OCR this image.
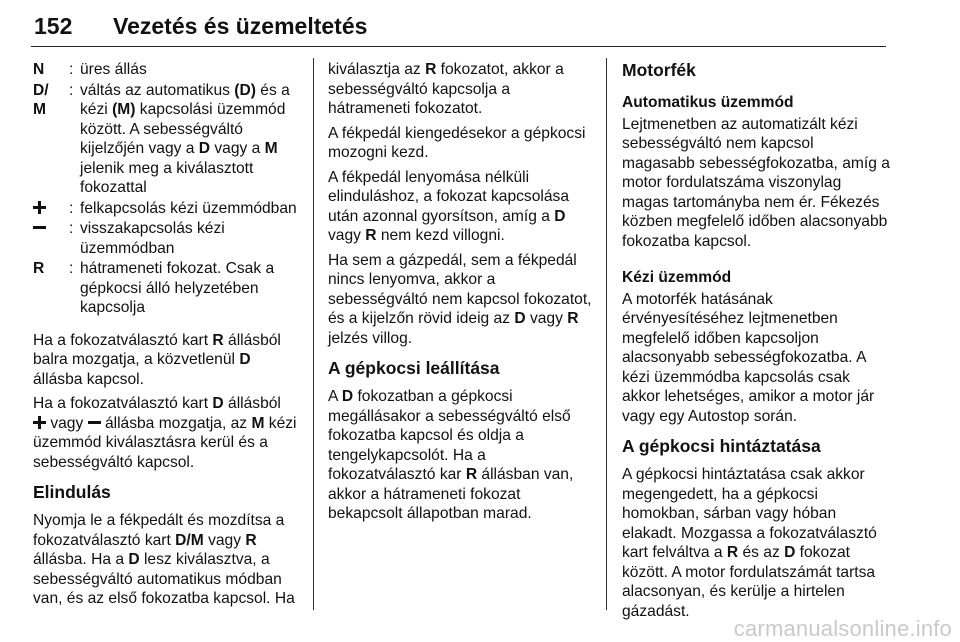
152 Vezetés és üzemeltetés
N	: üres állás
D/
M
: váltás az automatikus (D) és a kézi (M) kapcsolási üzemmód között. A sebességváltó kijelzőjén vagy a D vagy a M jelenik meg a kiválasztott fokozattal
: felkapcsolás kézi üzemmódban
: visszakapcsolás kézi üzemmódban
R	: hátrameneti fokozat. Csak a gépkocsi álló helyzetében kapcsolja

Ha a fokozatválasztó kart R állásból balra mozgatja, a közvetlenül D állásba kapcsol.

Ha a fokozatválasztó kart D állásból  vagy  állásba mozgatja, az M kézi üzemmód kiválasztásra kerül és a sebességváltó kapcsol.

Elindulás

Nyomja le a fékpedált és mozdítsa a fokozatválasztó kart D/M vagy R állásba. Ha a D lesz kiválasztva, a sebességváltó automatikus módban van, és az első fokozatba kapcsol. Ha

kiválasztja az R fokozatot, akkor a sebességváltó kapcsolja a hátrameneti fokozatot.

A fékpedál kiengedésekor a gépkocsi mozogni kezd.

A fékpedál lenyomása nélküli elinduláshoz, a fokozat kapcsolása után azonnal gyorsítson, amíg a D vagy R nem kezd villogni.

Ha sem a gázpedál, sem a fékpedál nincs lenyomva, akkor a sebességváltó nem kapcsol fokozatot, és a kijelzőn rövid ideig az D vagy R jelzés villog.

A gépkocsi leállítása

A D fokozatban a gépkocsi megállásakor a sebességváltó első fokozatba kapcsol és oldja a tengelykapcsolót. Ha a fokozatválasztó kar R állásban van, akkor a hátrameneti fokozat bekapcsolt állapotban marad.

Motorfék
Automatikus üzemmód

Lejtmenetben az automatizált kézi sebességváltó nem kapcsol magasabb sebességfokozatba, amíg a motor fordulatszáma viszonylag magas tartományba nem ér. Fékezés közben megfelelő időben alacsonyabb fokozatba kapcsol.

Kézi üzemmód

A motorfék hatásának érvényesítéséhez lejtmenetben megfelelő időben kapcsoljon alacsonyabb sebességfokozatba. A kézi üzemmódba kapcsolás csak akkor lehetséges, amikor a motor jár vagy egy Autostop során.

A gépkocsi hintáztatása

A gépkocsi hintáztatása csak akkor megengedett, ha a gépkocsi homokban, sárban vagy hóban elakadt. Mozgassa a fokozatválasztó kart felváltva a R és az D fokozat között. A motor fordulatszámát tartsa alacsonyan, és kerülje a hirtelen gázadást.

carmanualsonline.info
